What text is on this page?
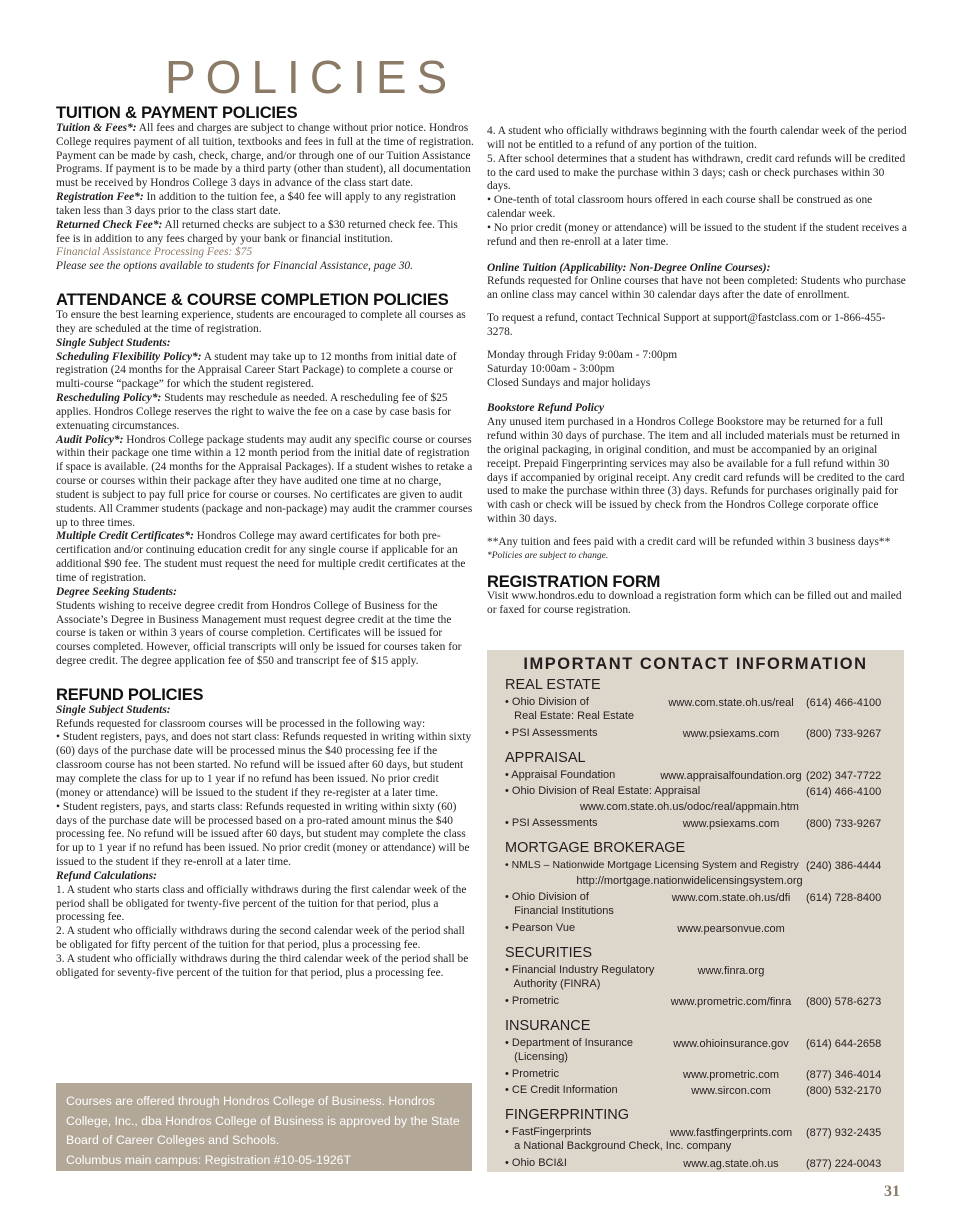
POLICIES
TUITION & PAYMENT POLICIES

Tuition & Fees*: All fees and charges are subject to change without prior notice. Hondros College requires payment of all tuition, textbooks and fees in full at the time of registration. Payment can be made by cash, check, charge, and/or through one of our Tuition Assistance Programs. If payment is to be made by a third party (other than student), all documentation must be received by Hondros College 3 days in advance of the class start date.

Registration Fee*: In addition to the tuition fee, a $40 fee will apply to any registration taken less than 3 days prior to the class start date.

Returned Check Fee*: All returned checks are subject to a $30 returned check fee. This fee is in addition to any fees charged by your bank or financial institution.

Financial Assistance Processing Fees: $75

Please see the options available to students for Financial Assistance, page 30.

ATTENDANCE & COURSE COMPLETION POLICIES

To ensure the best learning experience, students are encouraged to complete all courses as they are scheduled at the time of registration.

Single Subject Students:

Scheduling Flexibility Policy*: A student may take up to 12 months from initial date of registration (24 months for the Appraisal Career Start Package) to complete a course or multi-course “package” for which the student registered.

Rescheduling Policy*: Students may reschedule as needed. A rescheduling fee of $25 applies. Hondros College reserves the right to waive the fee on a case by case basis for extenuating circumstances.

Audit Policy*: Hondros College package students may audit any specific course or courses within their package one time within a 12 month period from the initial date of registration if space is available. (24 months for the Appraisal Packages). If a student wishes to retake a course or courses within their package after they have audited one time at no charge, student is subject to pay full price for course or courses. No certificates are given to audit students. All Crammer students (package and non-package) may audit the crammer courses up to three times.

Multiple Credit Certificates*: Hondros College may award certificates for both pre-certification and/or continuing education credit for any single course if applicable for an additional $90 fee. The student must request the need for multiple credit certificates at the time of registration.

Degree Seeking Students:

Students wishing to receive degree credit from Hondros College of Business for the Associate’s Degree in Business Management must request degree credit at the time the course is taken or within 3 years of course completion. Certificates will be issued for courses completed. However, official transcripts will only be issued for courses taken for degree credit. The degree application fee of $50 and transcript fee of $15 apply.

REFUND POLICIES

Single Subject Students:

Refunds requested for classroom courses will be processed in the following way:

• Student registers, pays, and does not start class: Refunds requested in writing within sixty (60) days of the purchase date will be processed minus the $40 processing fee if the classroom course has not been started. No refund will be issued after 60 days, but student may complete the class for up to 1 year if no refund has been issued. No prior credit (money or attendance) will be issued to the student if they re-register at a later time.

• Student registers, pays, and starts class: Refunds requested in writing within sixty (60) days of the purchase date will be processed based on a pro-rated amount minus the $40 processing fee. No refund will be issued after 60 days, but student may complete the class for up to 1 year if no refund has been issued. No prior credit (money or attendance) will be issued to the student if they re-enroll at a later time.

Refund Calculations:

1. A student who starts class and officially withdraws during the first calendar week of the period shall be obligated for twenty-five percent of the tuition for that period, plus a processing fee.

2. A student who officially withdraws during the second calendar week of the period shall be obligated for fifty percent of the tuition for that period, plus a processing fee.

3. A student who officially withdraws during the third calendar week of the period shall be obligated for seventy-five percent of the tuition for that period, plus a processing fee.

4. A student who officially withdraws beginning with the fourth calendar week of the period will not be entitled to a refund of any portion of the tuition.

5. After school determines that a student has withdrawn, credit card refunds will be credited to the card used to make the purchase within 3 days; cash or check purchases within 30 days.

• One-tenth of total classroom hours offered in each course shall be construed as one calendar week.

• No prior credit (money or attendance) will be issued to the student if the student receives a refund and then re-enroll at a later time.

Online Tuition (Applicability: Non-Degree Online Courses):

Refunds requested for Online courses that have not been completed: Students who purchase an online class may cancel within 30 calendar days after the date of enrollment.

To request a refund, contact Technical Support at support@fastclass.com or 1-866-455-3278.

Monday through Friday 9:00am - 7:00pm

Saturday 10:00am - 3:00pm

Closed Sundays and major holidays

Bookstore Refund Policy

Any unused item purchased in a Hondros College Bookstore may be returned for a full refund within 30 days of purchase. The item and all included materials must be returned in the original packaging, in original condition, and must be accompanied by an original receipt. Prepaid Fingerprinting services may also be available for a full refund within 30 days if accompanied by original receipt. Any credit card refunds will be credited to the card used to make the purchase within three (3) days. Refunds for purchases originally paid for with cash or check will be issued by check from the Hondros College corporate office within 30 days.

**Any tuition and fees paid with a credit card will be refunded within 3 business days**

*Policies are subject to change.

REGISTRATION FORM

Visit www.hondros.edu to download a registration form which can be filled out and mailed or faxed for course registration.

IMPORTANT CONTACT INFORMATION
REAL ESTATE
• Ohio Division of
Real Estate: Real Estate
www.com.state.oh.us/real	(614) 466-4100
• PSI Assessments	www.psiexams.com	(800) 733-9267
APPRAISAL
• Appraisal Foundation	www.appraisalfoundation.org (202) 347-7722
• Ohio Division of Real Estate: Appraisal	(614) 466-4100
www.com.state.oh.us/odoc/real/appmain.htm
• PSI Assessments	www.psiexams.com	(800) 733-9267
MORTGAGE BROKERAGE
• NMLS – Nationwide Mortgage Licensing System and Registry (240) 386-4444
http://mortgage.nationwidelicensingsystem.org
• Ohio Division of
Financial Institutions
www.com.state.oh.us/dfi	(614) 728-8400
• Pearson Vue	www.pearsonvue.com
SECURITIES
• Financial Industry Regulatory
Authority (FINRA)
www.finra.org
• Prometric	www.prometric.com/finra	(800) 578-6273
INSURANCE
• Department of Insurance
(Licensing)
www.ohioinsurance.gov	(614) 644-2658
• Prometric	www.prometric.com	(877) 346-4014
• CE Credit Information	www.sircon.com	(800) 532-2170
FINGERPRINTING
• FastFingerprints
a National Background Check, Inc. company
www.fastfingerprints.com	(877) 932-2435
• Ohio BCI&I	www.ag.state.oh.us	(877) 224-0043
Courses are offered through Hondros College of Business. Hondros
College, Inc., dba Hondros College of Business is approved by the State
Board of Career Colleges and Schools.
Columbus main campus: Registration #10-05-1926T
31
